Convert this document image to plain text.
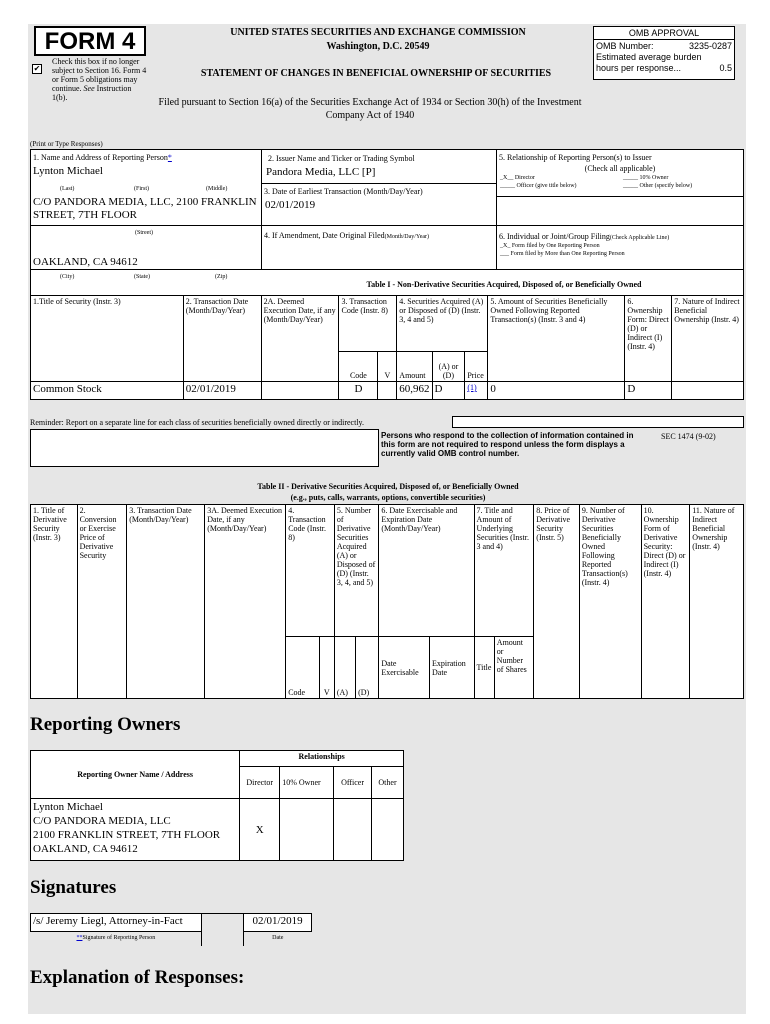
FORM 4
✔
Check this box if no longer subject to Section 16. Form 4 or Form 5 obligations may continue. See Instruction 1(b).
UNITED STATES SECURITIES AND EXCHANGE COMMISSION
Washington, D.C. 20549
STATEMENT OF CHANGES IN BENEFICIAL OWNERSHIP OF SECURITIES
Filed pursuant to Section 16(a) of the Securities Exchange Act of 1934 or Section 30(h) of the Investment Company Act of 1940
OMB APPROVAL
OMB Number:	3235-0287
Estimated average burden
hours per response...	0.5
(Print or Type Responses)
1. Name and Address of Reporting Person*
Lynton Michael
(Last)	(First)	(Middle)
C/O PANDORA MEDIA, LLC, 2100 FRANKLIN STREET, 7TH FLOOR
(Street)
OAKLAND, CA 94612
(City)	(State)	(Zip)
2. Issuer Name and Ticker or Trading Symbol
Pandora Media, LLC [P]
3. Date of Earliest Transaction (Month/Day/Year)
02/01/2019
4. If Amendment, Date Original Filed(Month/Day/Year)
5. Relationship of Reporting Person(s) to Issuer
(Check all applicable)
_X__ Director	_____ 10% Owner
_____ Officer (give title below)	_____ Other (specify below)
6. Individual or Joint/Group Filing(Check Applicable Line)
_X_ Form filed by One Reporting Person
___ Form filed by More than One Reporting Person
Table I - Non-Derivative Securities Acquired, Disposed of, or Beneficially Owned
1.Title of Security (Instr. 3)	2. Transaction Date (Month/Day/Year)	2A. Deemed Execution Date, if any (Month/Day/Year)	3. Transaction Code (Instr. 8)		4. Securities Acquired (A) or Disposed of (D) (Instr. 3, 4 and 5)			5. Amount of Securities Beneficially Owned Following Reported Transaction(s) (Instr. 3 and 4)	6. Ownership Form: Direct (D) or Indirect (I) (Instr. 4)	7. Nature of Indirect Beneficial Ownership (Instr. 4)
			Code	V	Amount	(A) or (D)	Price			
Common Stock	02/01/2019		D		60,962	D	(1)	0	D	
Reminder: Report on a separate line for each class of securities beneficially owned directly or indirectly.
Persons who respond to the collection of information contained in this form are not required to respond unless the form displays a currently valid OMB control number.
SEC 1474 (9-02)
Table II - Derivative Securities Acquired, Disposed of, or Beneficially Owned
(e.g., puts, calls, warrants, options, convertible securities)
1. Title of Derivative Security (Instr. 3)	2. Conversion or Exercise Price of Derivative Security	3. Transaction Date (Month/Day/Year)	3A. Deemed Execution Date, if any (Month/Day/Year)	4. Transaction Code (Instr. 8)		5. Number of Derivative Securities Acquired (A) or Disposed of (D) (Instr. 3, 4, and 5)		6. Date Exercisable and Expiration Date (Month/Day/Year)		7. Title and Amount of Underlying Securities (Instr. 3 and 4)		8. Price of Derivative Security (Instr. 5)	9. Number of Derivative Securities Beneficially Owned Following Reported Transaction(s) (Instr. 4)	10. Ownership Form of Derivative Security: Direct (D) or Indirect (I) (Instr. 4)	11. Nature of Indirect Beneficial Ownership (Instr. 4)
				Code	V	(A)	(D)	Date Exercisable	Expiration Date	Title	Amount or Number of Shares				
Reporting Owners
Reporting Owner Name / Address	Relationships			
	Director	10% Owner	Officer	Other

Lynton Michael
C/O PANDORA MEDIA, LLC
2100 FRANKLIN STREET, 7TH FLOOR
OAKLAND, CA 94612	X			
Signatures
/s/ Jeremy Liegl, Attorney-in-Fact		02/01/2019
**Signature of Reporting Person		Date
Explanation of Responses:
